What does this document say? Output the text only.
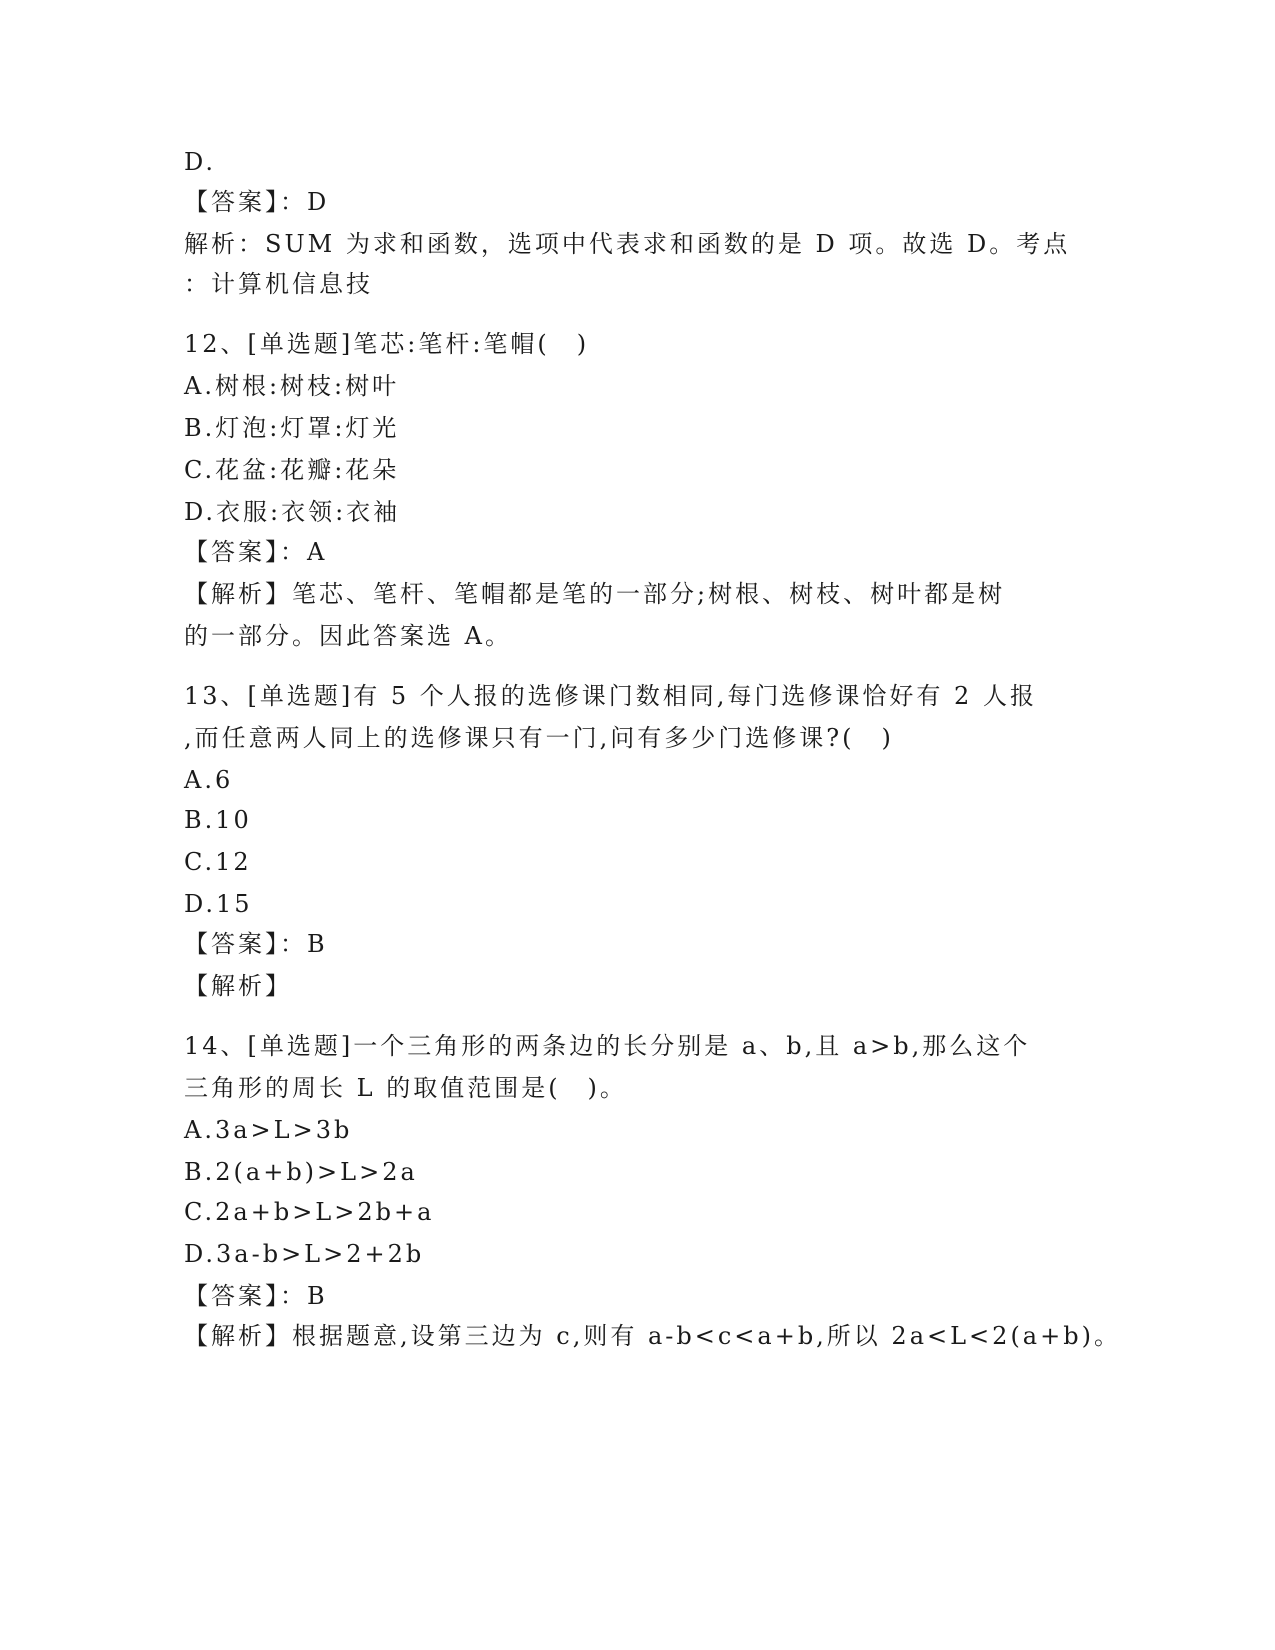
D.
【答案】：D
解析：SUM 为求和函数，选项中代表求和函数的是 D 项。故选 D。考点
：计算机信息技
12、[单选题]笔芯:笔杆:笔帽(　)
A.树根:树枝:树叶
B.灯泡:灯罩:灯光
C.花盆:花瓣:花朵
D.衣服:衣领:衣袖
【答案】：A
【解析】笔芯、笔杆、笔帽都是笔的一部分;树根、树枝、树叶都是树
的一部分。因此答案选 A。
13、[单选题]有 5 个人报的选修课门数相同,每门选修课恰好有 2 人报
,而任意两人同上的选修课只有一门,问有多少门选修课?(　)
A.6
B.10
C.12
D.15
【答案】：B
【解析】
14、[单选题]一个三角形的两条边的长分别是 a、b,且 a>b,那么这个
三角形的周长 L 的取值范围是(　)。
A.3a>L>3b
B.2(a+b)>L>2a
C.2a+b>L>2b+a
D.3a-b>L>2+2b
【答案】：B
【解析】根据题意,设第三边为 c,则有 a-b<c<a+b,所以 2a<L<2(a+b)。
